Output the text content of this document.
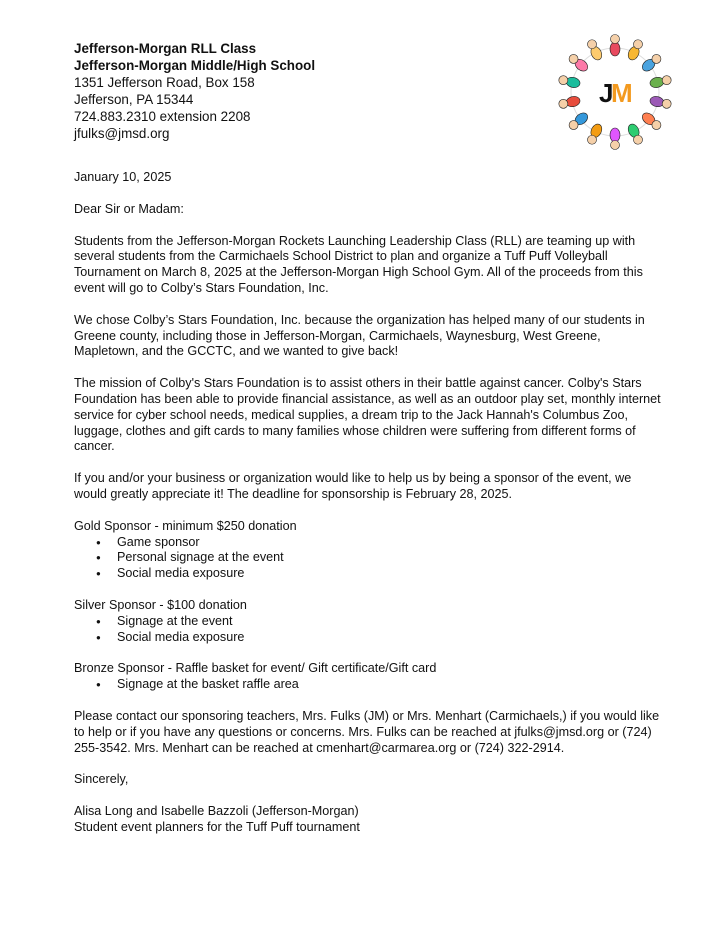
J
M
Jefferson-Morgan RLL Class
Jefferson-Morgan Middle/High School
1351 Jefferson Road, Box 158
Jefferson, PA 15344
724.883.2310 extension 2208
jfulks@jmsd.org

January 10, 2025

Dear Sir or Madam:

Students from the Jefferson-Morgan Rockets Launching Leadership Class (RLL) are teaming up with several students from the Carmichaels School District to plan and organize a Tuff Puff Volleyball Tournament on March 8, 2025 at the Jefferson-Morgan High School Gym. All of the proceeds from this event will go to Colby’s Stars Foundation, Inc.

We chose Colby’s Stars Foundation, Inc. because the organization has helped many of our students in Greene county, including those in Jefferson-Morgan, Carmichaels, Waynesburg, West Greene, Mapletown, and the GCCTC, and we wanted to give back!

The mission of Colby's Stars Foundation is to assist others in their battle against cancer. Colby's Stars Foundation has been able to provide financial assistance, as well as an outdoor play set, monthly internet service for cyber school needs, medical supplies, a dream trip to the Jack Hannah's Columbus Zoo, luggage, clothes and gift cards to many families whose children were suffering from different forms of cancer.

If you and/or your business or organization would like to help us by being a sponsor of the event, we would greatly appreciate it! The deadline for sponsorship is February 28, 2025.

Gold Sponsor - minimum $250 donation

● Game sponsor
● Personal signage at the event
● Social media exposure

Silver Sponsor - $100 donation

● Signage at the event
● Social media exposure

Bronze Sponsor - Raffle basket for event/ Gift certificate/Gift card

● Signage at the basket raffle area

Please contact our sponsoring teachers, Mrs. Fulks (JM) or Mrs. Menhart (Carmichaels,) if you would like to help or if you have any questions or concerns. Mrs. Fulks can be reached at jfulks@jmsd.org or (724) 255-3542. Mrs. Menhart can be reached at cmenhart@carmarea.org or (724) 322-2914.

Sincerely,

Alisa Long and Isabelle Bazzoli (Jefferson-Morgan)

Student event planners for the Tuff Puff tournament
